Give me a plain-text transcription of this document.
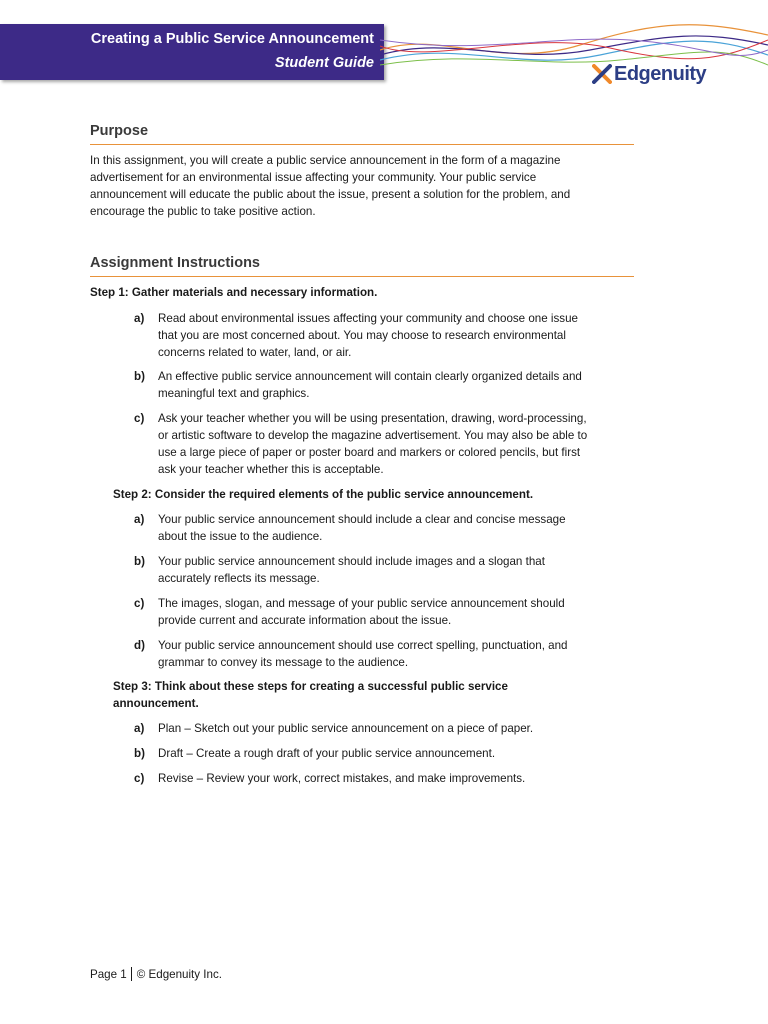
Creating a Public Service Announcement
Student Guide	Edgenuity
Purpose
In this assignment, you will create a public service announcement in the form of a magazine
advertisement for an environmental issue affecting your community. Your public service
announcement will educate the public about the issue, present a solution for the problem, and
encourage the public to take positive action.
Assignment Instructions
Step 1: Gather materials and necessary information.
a) Read about environmental issues affecting your community and choose one issue
that you are most concerned about. You may choose to research environmental
concerns related to water, land, or air.
b) An effective public service announcement will contain clearly organized details and
meaningful text and graphics.
c) Ask your teacher whether you will be using presentation, drawing, word-processing,
or artistic software to develop the magazine advertisement. You may also be able to
use a large piece of paper or poster board and markers or colored pencils, but first
ask your teacher whether this is acceptable.
Step 2: Consider the required elements of the public service announcement.
a) Your public service announcement should include a clear and concise message
about the issue to the audience.
b) Your public service announcement should include images and a slogan that
accurately reflects its message.
c) The images, slogan, and message of your public service announcement should
provide current and accurate information about the issue.
d) Your public service announcement should use correct spelling, punctuation, and
grammar to convey its message to the audience.
Step 3: Think about these steps for creating a successful public service
announcement.
a) Plan – Sketch out your public service announcement on a piece of paper.
b) Draft – Create a rough draft of your public service announcement.
c) Revise – Review your work, correct mistakes, and make improvements.
Page 1 © Edgenuity Inc.
